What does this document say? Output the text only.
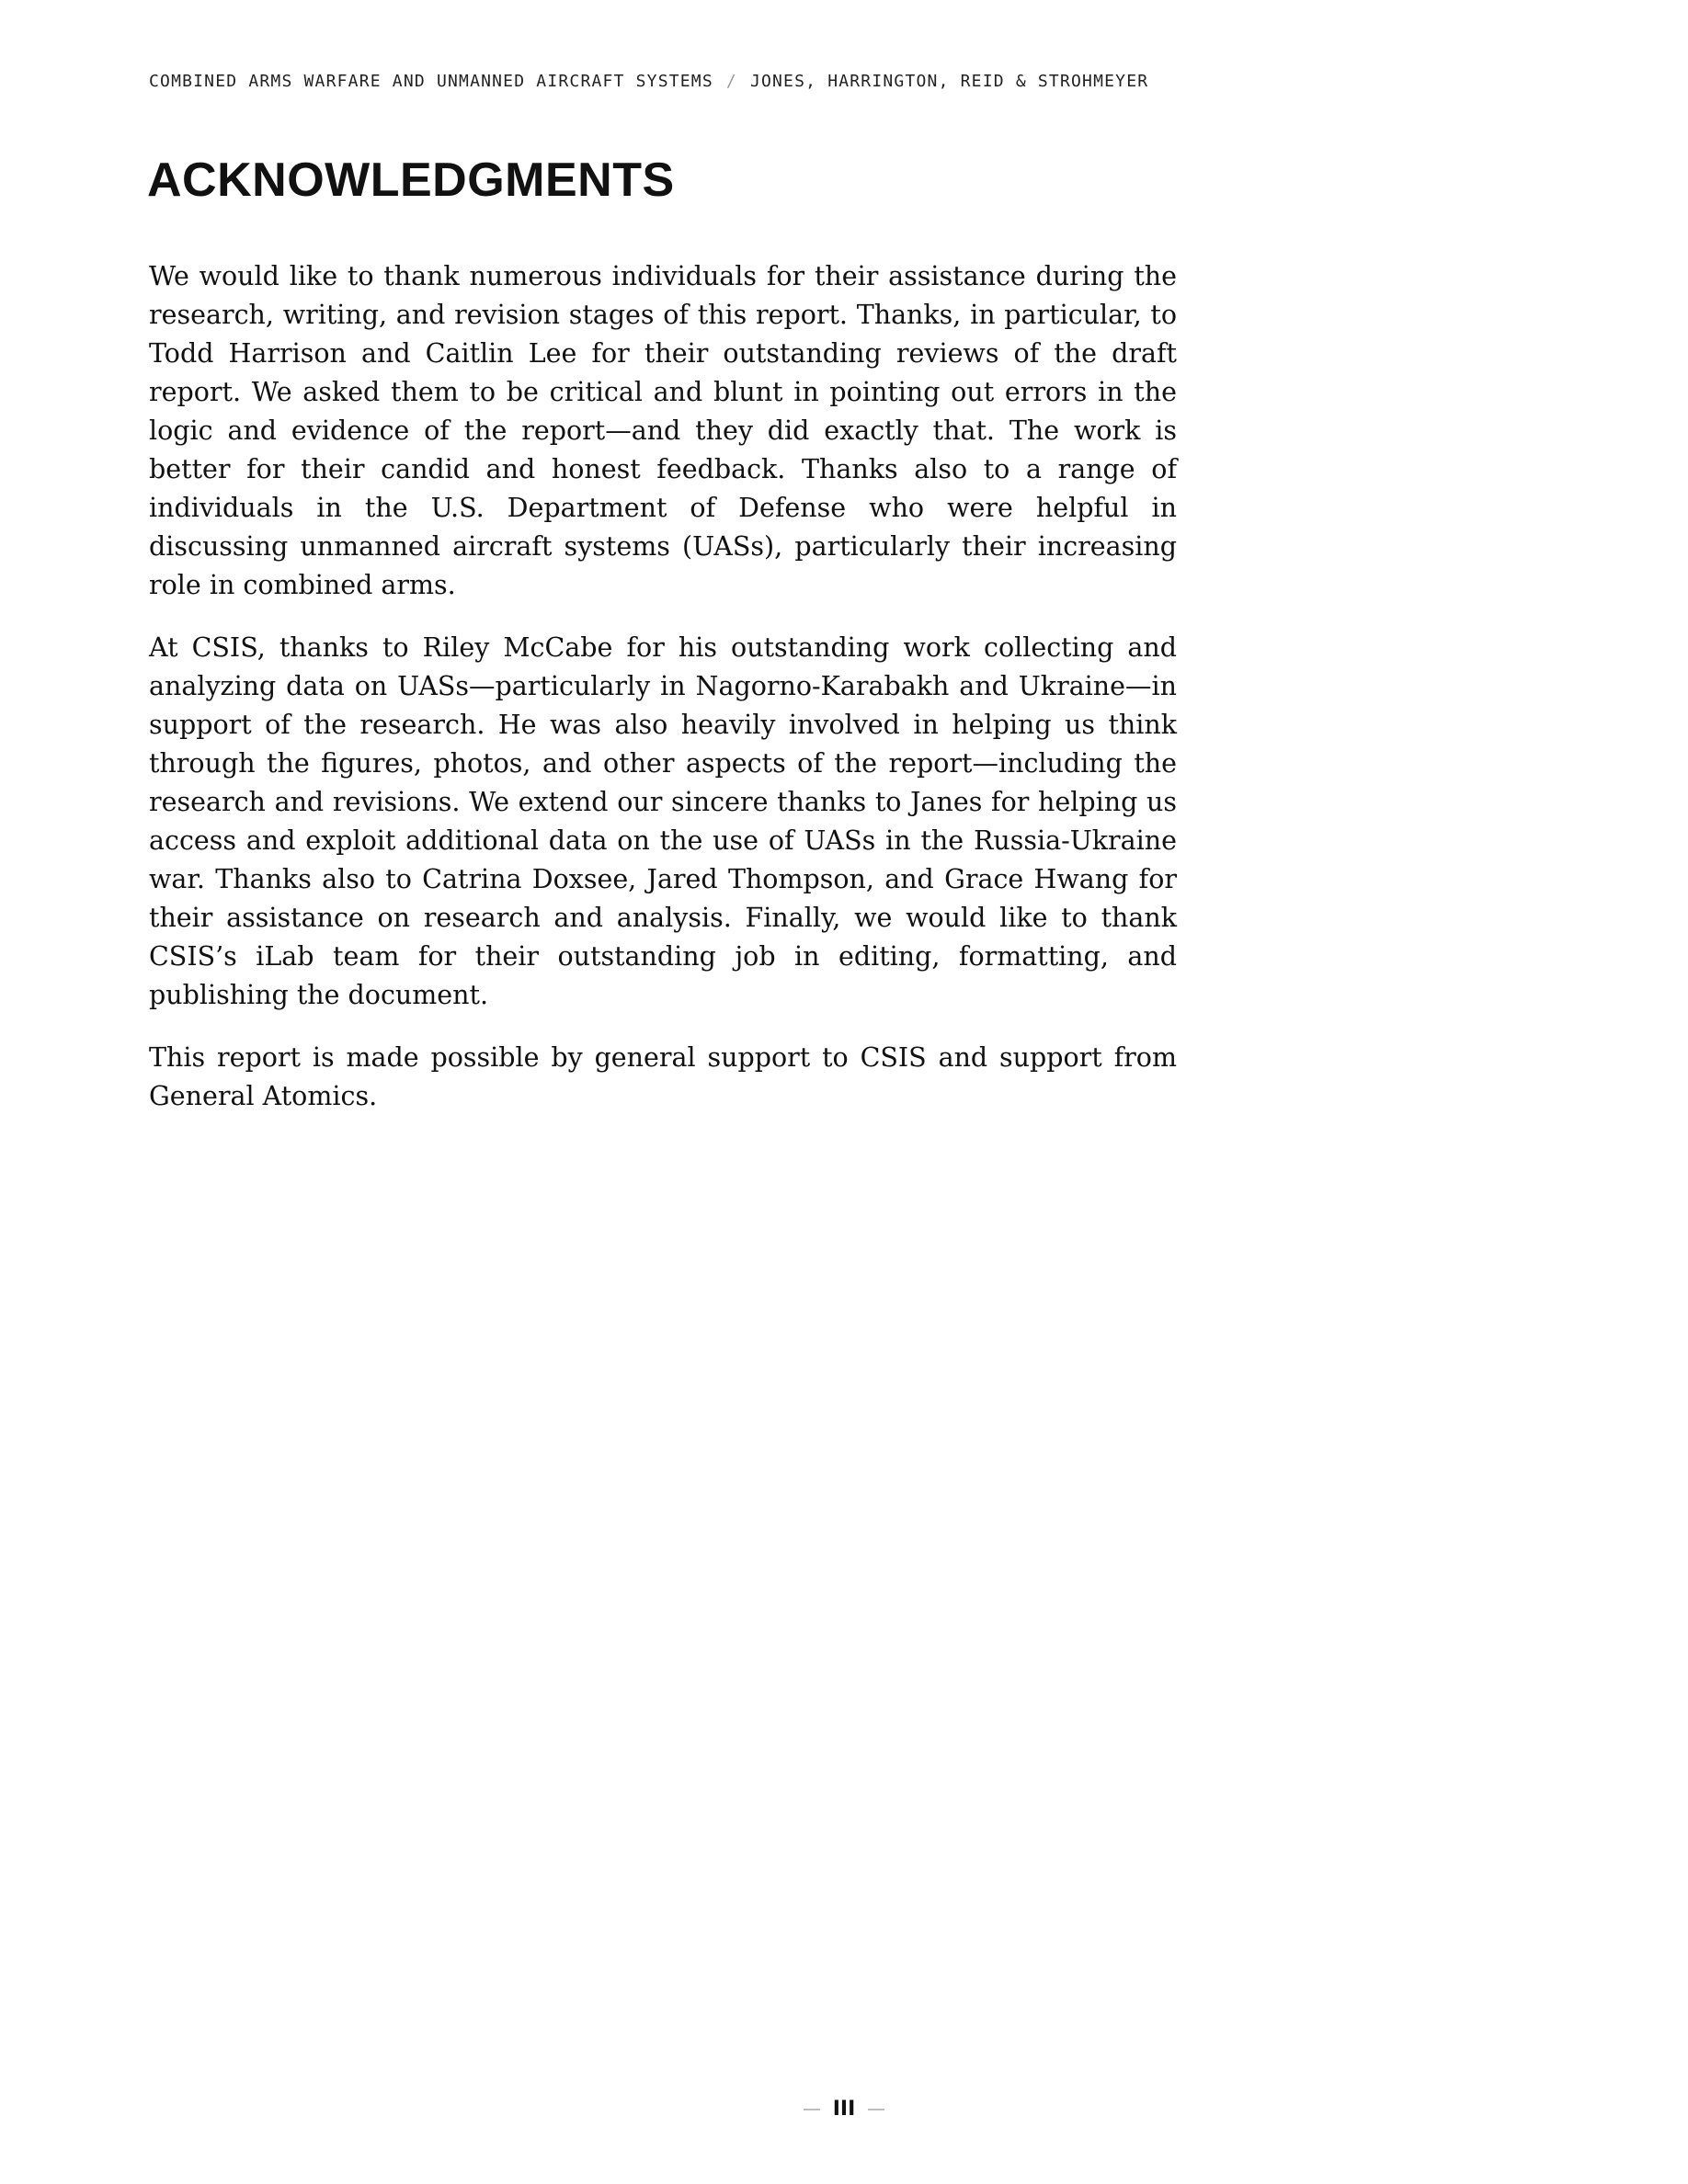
COMBINED ARMS WARFARE AND UNMANNED AIRCRAFT SYSTEMS / JONES, HARRINGTON, REID & STROHMEYER
ACKNOWLEDGMENTS

We would like to thank numerous individuals for their assistance during the research, writing, and revision stages of this report. Thanks, in particular, to Todd Harrison and Caitlin Lee for their outstanding reviews of the draft report. We asked them to be critical and blunt in pointing out errors in the logic and evidence of the report—and they did exactly that. The work is better for their candid and honest feedback. Thanks also to a range of individuals in the U.S. Department of Defense who were helpful in discussing unmanned aircraft systems (UASs), particularly their increasing role in combined arms.

At CSIS, thanks to Riley McCabe for his outstanding work collecting and analyzing data on UASs—particularly in Nagorno-Karabakh and Ukraine—in support of the research. He was also heavily involved in helping us think through the figures, photos, and other aspects of the report—including the research and revisions. We extend our sincere thanks to Janes for helping us access and exploit additional data on the use of UASs in the Russia-Ukraine war. Thanks also to Catrina Doxsee, Jared Thompson, and Grace Hwang for their assistance on research and analysis. Finally, we would like to thank CSIS’s iLab team for their outstanding job in editing, formatting, and publishing the document.

This report is made possible by general support to CSIS and support from General Atomics.

III
